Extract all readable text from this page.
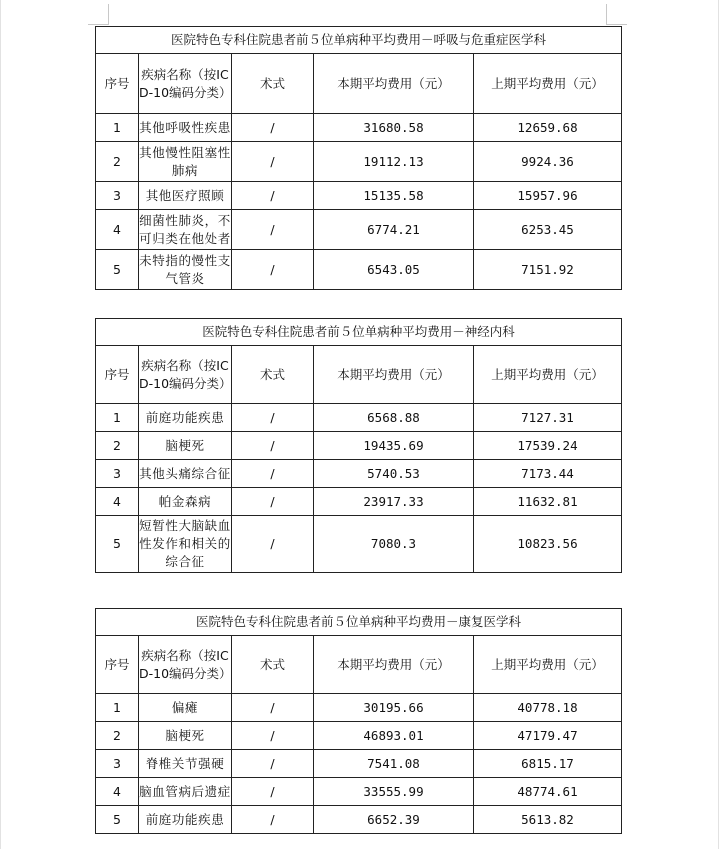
医院特色专科住院患者前５位单病种平均费用－呼吸与危重症医学科				
序号	疾病名称（按ICD-10编码分类）	术式	本期平均费用（元）	上期平均费用（元）
1	其他呼吸性疾患	/	31680.58	12659.68
2	其他慢性阻塞性肺病	/	19112.13	9924.36
3	其他医疗照顾	/	15135.58	15957.96
4	细菌性肺炎，不可归类在他处者	/	6774.21	6253.45
5	未特指的慢性支气管炎	/	6543.05	7151.92
医院特色专科住院患者前５位单病种平均费用－神经内科				
序号	疾病名称（按ICD-10编码分类）	术式	本期平均费用（元）	上期平均费用（元）
1	前庭功能疾患	/	6568.88	7127.31
2	脑梗死	/	19435.69	17539.24
3	其他头痛综合征	/	5740.53	7173.44
4	帕金森病	/	23917.33	11632.81
5	短暂性大脑缺血性发作和相关的综合征	/	7080.3	10823.56
医院特色专科住院患者前５位单病种平均费用－康复医学科				
序号	疾病名称（按ICD-10编码分类）	术式	本期平均费用（元）	上期平均费用（元）
1	偏瘫	/	30195.66	40778.18
2	脑梗死	/	46893.01	47179.47
3	脊椎关节强硬	/	7541.08	6815.17
4	脑血管病后遗症	/	33555.99	48774.61
5	前庭功能疾患	/	6652.39	5613.82
